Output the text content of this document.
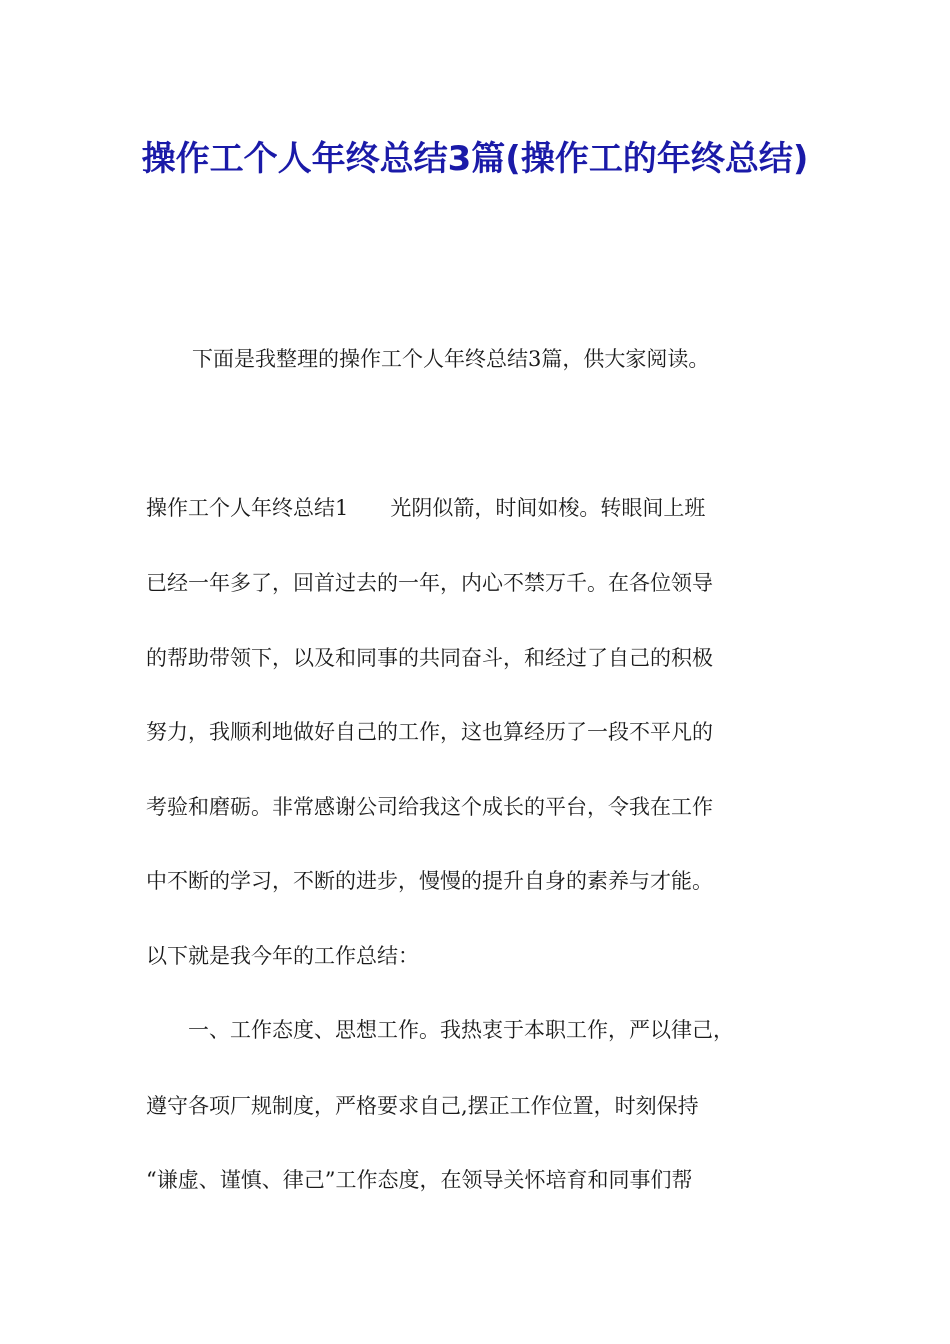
操作工个人年终总结3篇(操作工的年终总结)
下面是我整理的操作工个人年终总结3篇，供大家阅读。
操作工个人年终总结1　　光阴似箭，时间如梭。转眼间上班
已经一年多了，回首过去的一年，内心不禁万千。在各位领导
的帮助带领下，以及和同事的共同奋斗，和经过了自己的积极
努力，我顺利地做好自己的工作，这也算经历了一段不平凡的
考验和磨砺。非常感谢公司给我这个成长的平台，令我在工作
中不断的学习，不断的进步，慢慢的提升自身的素养与才能。
以下就是我今年的工作总结：
　　一、工作态度、思想工作。我热衷于本职工作，严以律己，
遵守各项厂规制度，严格要求自己,摆正工作位置，时刻保持
“谦虚、谨慎、律己”工作态度，在领导关怀培育和同事们帮
